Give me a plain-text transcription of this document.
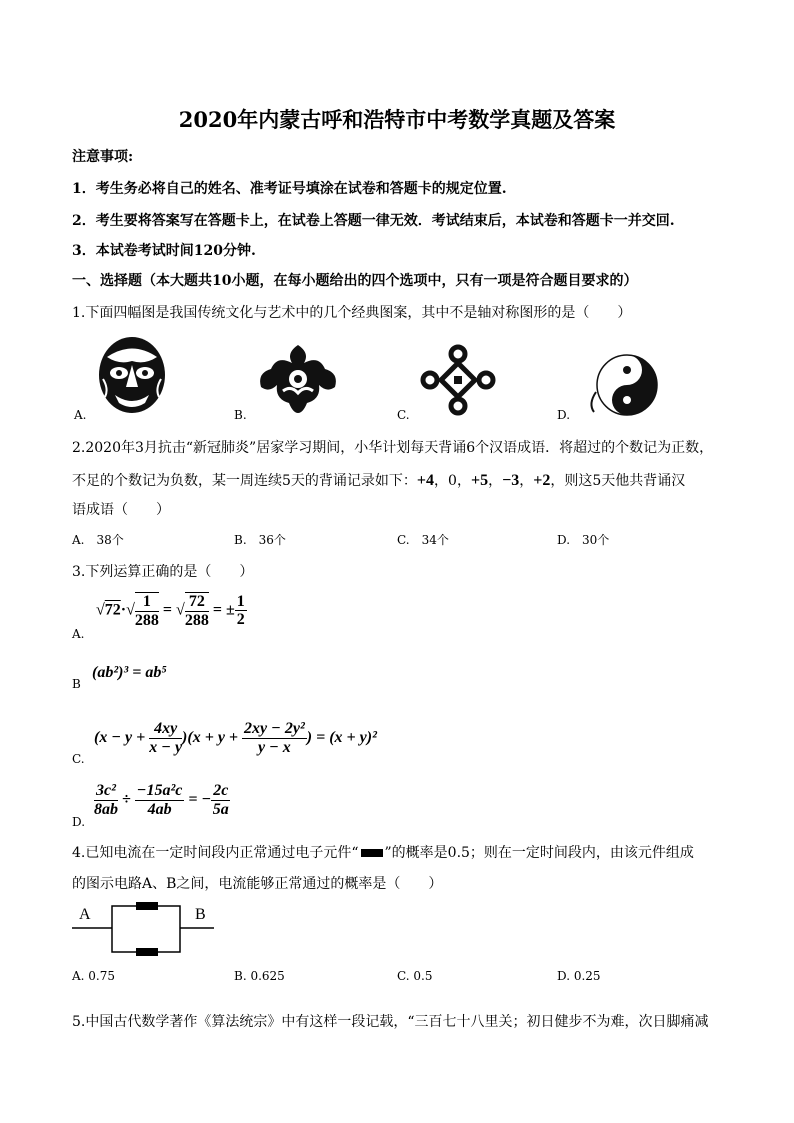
2020年内蒙古呼和浩特市中考数学真题及答案
注意事项:
1．考生务必将自己的姓名、准考证号填涂在试卷和答题卡的规定位置.
2．考生要将答案写在答题卡上，在试卷上答题一律无效．考试结束后，本试卷和答题卡一并交回.
3．本试卷考试时间120分钟.
一、选择题（本大题共10小题，在每小题给出的四个选项中，只有一项是符合题目要求的）
1.下面四幅图是我国传统文化与艺术中的几个经典图案，其中不是轴对称图形的是（　　）
A.	B.	C.	D.
2.2020年3月抗击“新冠肺炎”居家学习期间，小华计划每天背诵6个汉语成语．将超过的个数记为正数，
不足的个数记为负数，某一周连续5天的背诵记录如下：+4，0，+5，−3，+2，则这5天他共背诵汉
语成语（　　）
A.　38个	B.　36个	C.　34个	D.　30个
3.下列运算正确的是（　　）
$√72\cdot√ \frac{1}{288}$ = √ $\frac{72}{288}$ = ± $\frac{1}{2}$
A.
(ab²)³ = ab⁵
B
$(x - y + \frac{4xy}{x - y} )(x + y + \frac{\text{2xy − 2y²}}{y - x}$ ) = (x + y)²
C.
$\frac{\text{3c²}}{8ab} \div \frac{\text{−15a²c}}{4ab}$ = − $\frac{2c}{5a}$
D.
4.已知电流在一定时间段内正常通过电子元件“ ”的概率是0.5；则在一定时间段内，由该元件组成
的图示电路A、B之间，电流能够正常通过的概率是（　　）
A	B
A. 0.75	B. 0.625	C. 0.5	D. 0.25
5.中国古代数学著作《算法统宗》中有这样一段记载，“三百七十八里关；初日健步不为难，次日脚痛减
